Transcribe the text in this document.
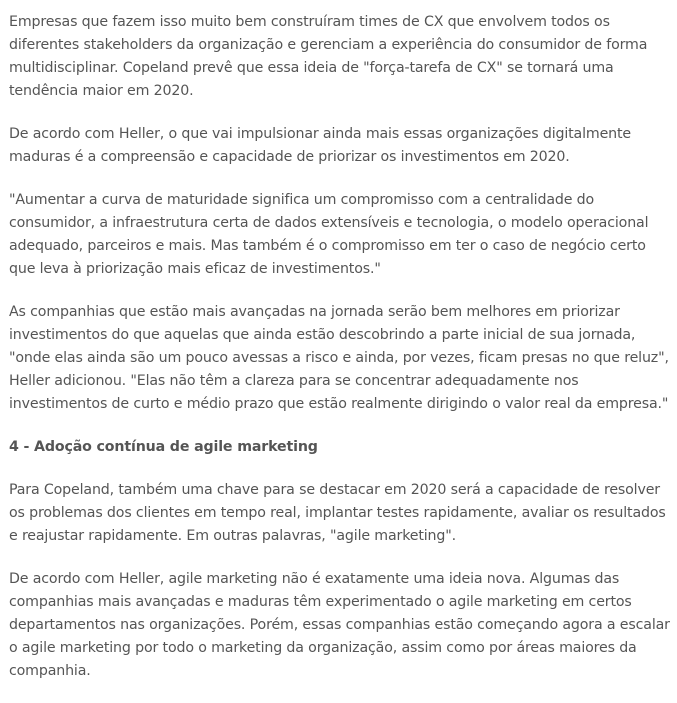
Empresas que fazem isso muito bem construíram times de CX que envolvem todos os diferentes stakeholders da organização e gerenciam a experiência do consumidor de forma multidisciplinar. Copeland prevê que essa ideia de "força-tarefa de CX" se tornará uma tendência maior em 2020.

De acordo com Heller, o que vai impulsionar ainda mais essas organizações digitalmente maduras é a compreensão e capacidade de priorizar os investimentos em 2020.

"Aumentar a curva de maturidade significa um compromisso com a centralidade do consumidor, a infraestrutura certa de dados extensíveis e tecnologia, o modelo operacional adequado, parceiros e mais. Mas também é o compromisso em ter o caso de negócio certo que leva à priorização mais eficaz de investimentos."

As companhias que estão mais avançadas na jornada serão bem melhores em priorizar investimentos do que aquelas que ainda estão descobrindo a parte inicial de sua jornada, "onde elas ainda são um pouco avessas a risco e ainda, por vezes, ficam presas no que reluz", Heller adicionou. "Elas não têm a clareza para se concentrar adequadamente nos investimentos de curto e médio prazo que estão realmente dirigindo o valor real da empresa."

4 - Adoção contínua de agile marketing

Para Copeland, também uma chave para se destacar em 2020 será a capacidade de resolver os problemas dos clientes em tempo real, implantar testes rapidamente, avaliar os resultados e reajustar rapidamente. Em outras palavras, "agile marketing".

De acordo com Heller, agile marketing não é exatamente uma ideia nova. Algumas das companhias mais avançadas e maduras têm experimentado o agile marketing em certos departamentos nas organizações. Porém, essas companhias estão começando agora a escalar o agile marketing por todo o marketing da organização, assim como por áreas maiores da companhia.
